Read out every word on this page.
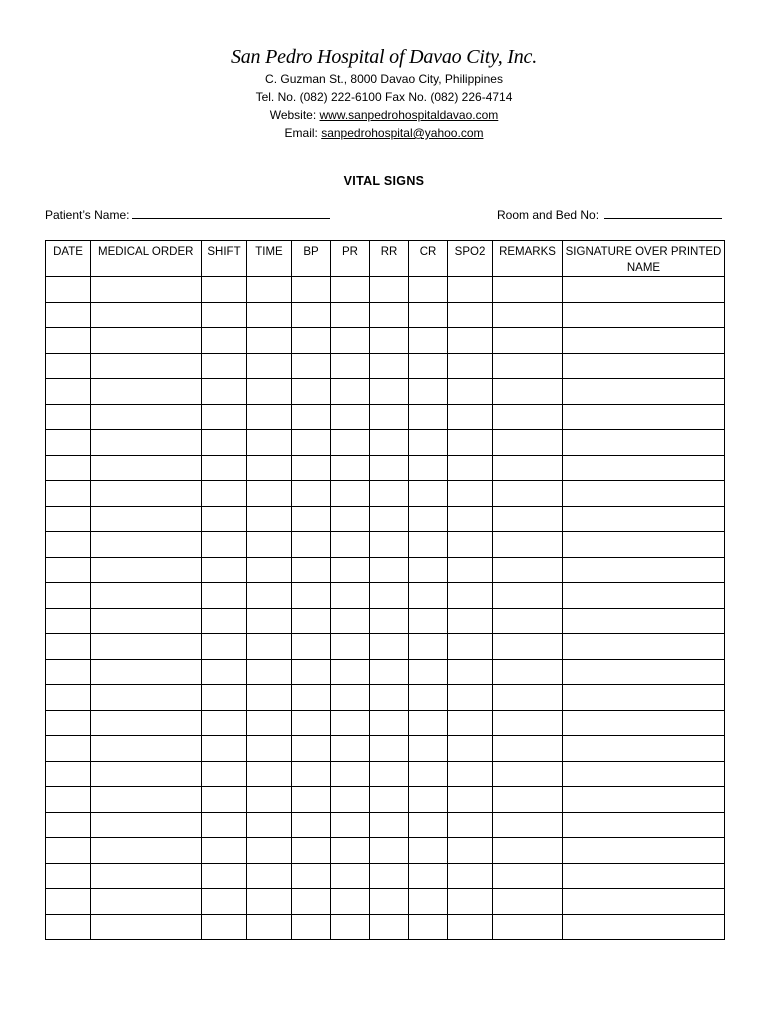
San Pedro Hospital of Davao City, Inc.
C. Guzman St., 8000 Davao City, Philippines
Tel. No. (082) 222-6100 Fax No. (082) 226-4714
Website: www.sanpedrohospitaldavao.com
Email: sanpedrohospital@yahoo.com
VITAL SIGNS
Patient’s Name:	Room and Bed No:
DATE	MEDICAL ORDER	SHIFT	TIME	BP	PR	RR	CR	SPO2	REMARKS	SIGNATURE OVER PRINTED NAME
